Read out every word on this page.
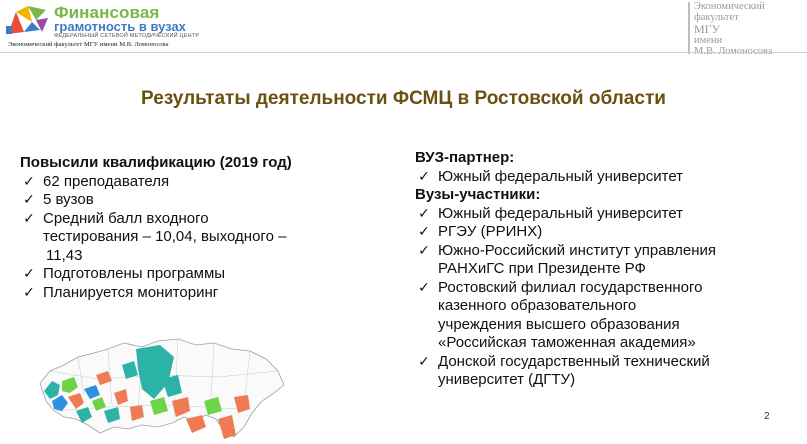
Финансовая
грамотность в вузах
ФЕДЕРАЛЬНЫЙ СЕТЕВОЙ МЕТОДИЧЕСКИЙ ЦЕНТР
Экономический факультет МГУ имени М.В. Ломоносова
Экономический
факультет
МГУ
имени
Результаты деятельности ФСМЦ в Ростовской области
Повысили квалификацию (2019 год)
✓ 62 преподавателя
✓ 5 вузов
✓ Средний балл входного
тестирования – 10,04, выходного –
11,43
✓ Подготовлены программы
✓ Планируется мониторинг
ВУЗ-партнер:
✓ Южный федеральный университет
Вузы-участники:
✓ Южный федеральный университет
✓ РГЭУ (РРИНХ)
✓ Южно-Российский институт управления
РАНХиГС при Президенте РФ
✓ Ростовский филиал государственного
казенного образовательного
учреждения высшего образования
«Российская таможенная академия»
✓ Донской государственный технический
университет (ДГТУ)
2
